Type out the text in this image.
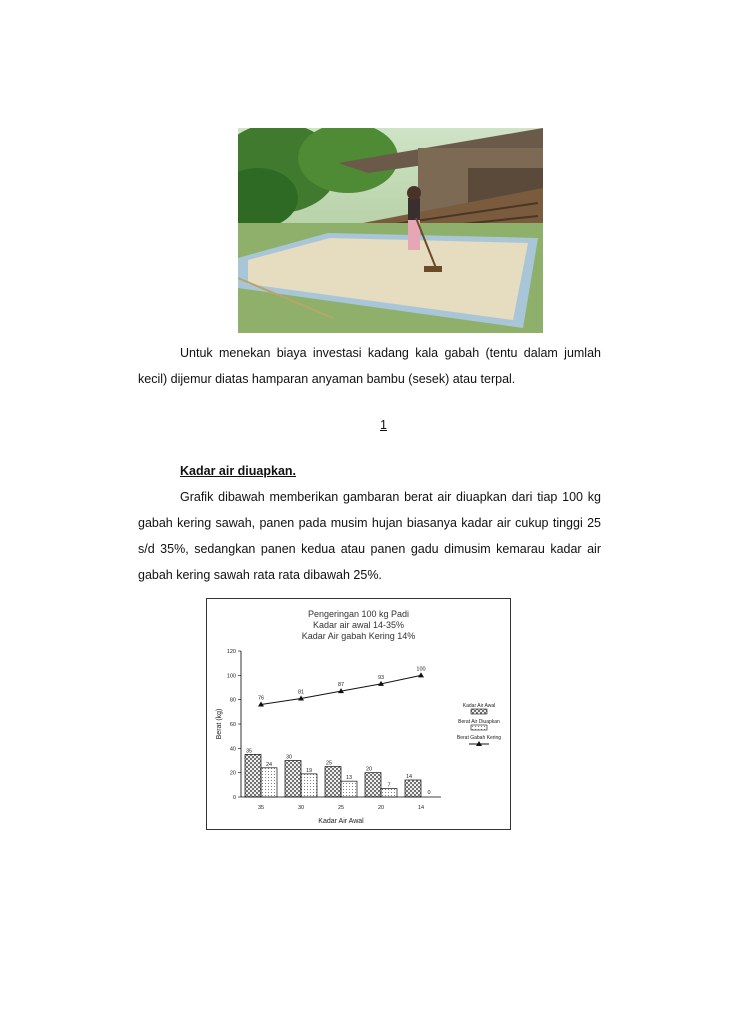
Untuk menekan biaya investasi kadang kala gabah (tentu dalam jumlah kecil) dijemur diatas hamparan anyaman bambu (sesek) atau terpal.
1
Kadar air diuapkan.
Grafik dibawah memberikan gambaran berat air diuapkan dari tiap 100 kg gabah kering sawah, panen pada musim hujan biasanya kadar air cukup tinggi 25 s/d 35%, sedangkan panen kedua atau panen gadu dimusim kemarau kadar air gabah kering sawah rata rata dibawah 25%.
Pengeringan 100 kg Padi
Kadar air awal 14-35%
Kadar Air gabah Kering 14%
0
20
40
60
80
100
120
Berat (kg)
Kadar Air Awal
35
35
24
30
30
19
25
25
13
20
20
7
14
14
0
76
81
87
93
100
Kadar Air Awal
Berat Air Diuapkan
Berat Gabah Kering
